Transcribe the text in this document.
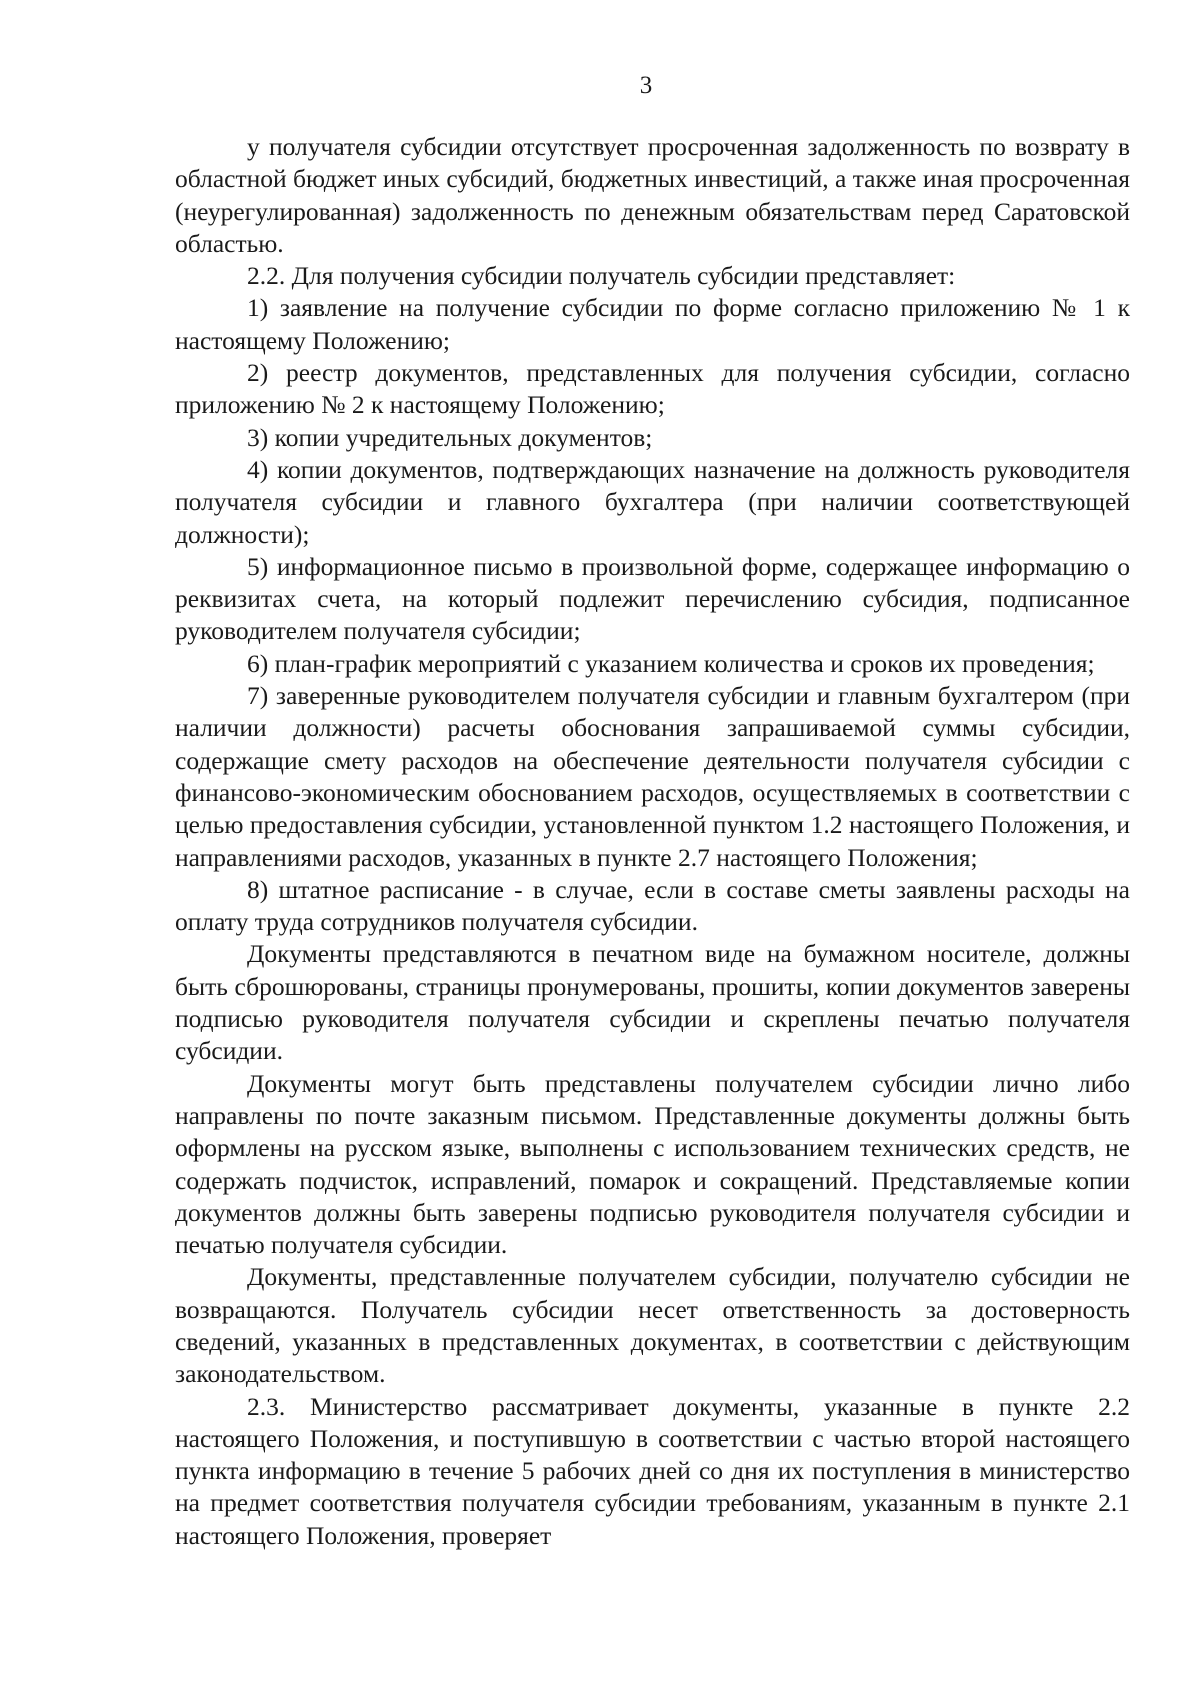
3

у получателя субсидии отсутствует просроченная задолженность по возврату в областной бюджет иных субсидий, бюджетных инвестиций, а также иная просроченная (неурегулированная) задолженность по денежным обязательствам перед Саратовской областью.

2.2. Для получения субсидии получатель субсидии представляет:

1) заявление на получение субсидии по форме согласно приложению № 1 к настоящему Положению;

2) реестр документов, представленных для получения субсидии, согласно приложению № 2 к настоящему Положению;

3) копии учредительных документов;

4) копии документов, подтверждающих назначение на должность руководителя получателя субсидии и главного бухгалтера (при наличии соответствующей должности);

5) информационное письмо в произвольной форме, содержащее информацию о реквизитах счета, на который подлежит перечислению субсидия, подписанное руководителем получателя субсидии;

6) план-график мероприятий с указанием количества и сроков их проведения;

7) заверенные руководителем получателя субсидии и главным бухгалтером (при наличии должности) расчеты обоснования запрашиваемой суммы субсидии, содержащие смету расходов на обеспечение деятельности получателя субсидии с финансово-экономическим обоснованием расходов, осуществляемых в соответствии с целью предоставления субсидии, установленной пунктом 1.2 настоящего Положения, и направлениями расходов, указанных в пункте 2.7 настоящего Положения;

8) штатное расписание - в случае, если в составе сметы заявлены расходы на оплату труда сотрудников получателя субсидии.

Документы представляются в печатном виде на бумажном носителе, должны быть сброшюрованы, страницы пронумерованы, прошиты, копии документов заверены подписью руководителя получателя субсидии и скреплены печатью получателя субсидии.

Документы могут быть представлены получателем субсидии лично либо направлены по почте заказным письмом. Представленные документы должны быть оформлены на русском языке, выполнены с использованием технических средств, не содержать подчисток, исправлений, помарок и сокращений. Представляемые копии документов должны быть заверены подписью руководителя получателя субсидии и печатью получателя субсидии.

Документы, представленные получателем субсидии, получателю субсидии не возвращаются. Получатель субсидии несет ответственность за достоверность сведений, указанных в представленных документах, в соответствии с действующим законодательством.

2.3. Министерство рассматривает документы, указанные в пункте 2.2 настоящего Положения, и поступившую в соответствии с частью второй настоящего пункта информацию в течение 5 рабочих дней со дня их поступления в министерство на предмет соответствия получателя субсидии требованиям, указанным в пункте 2.1 настоящего Положения, проверяет
